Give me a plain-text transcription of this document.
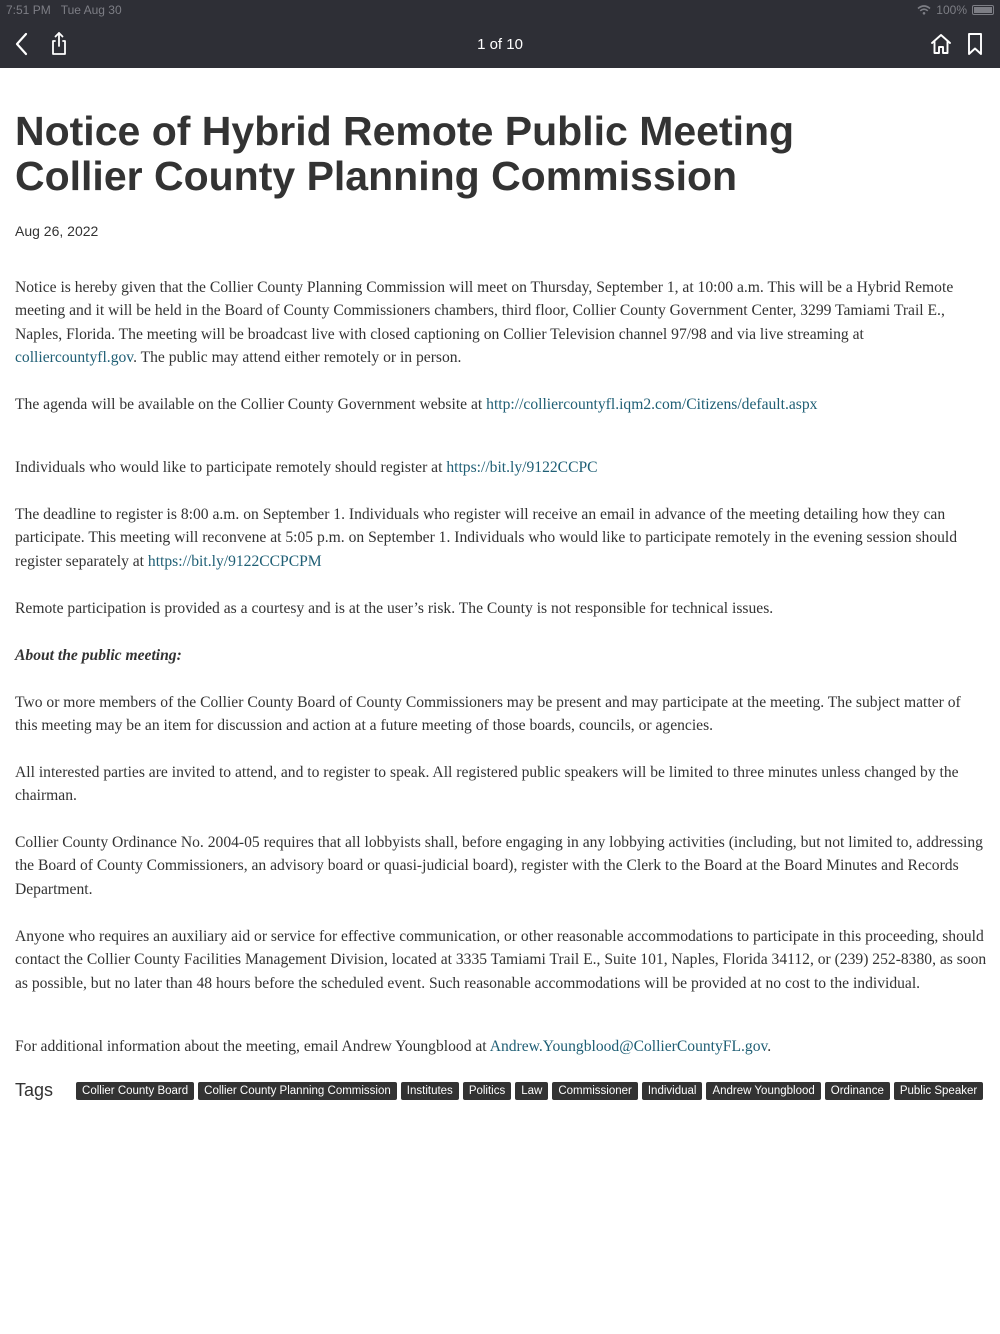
7:51 PM Tue Aug 30	100%
1 of 10
Notice of Hybrid Remote Public Meeting
Collier County Planning Commission
Aug 26, 2022
Notice is hereby given that the Collier County Planning Commission will meet on Thursday, September 1, at 10:00 a.m. This will be a Hybrid Remote meeting and it will be held in the Board of County Commissioners chambers, third floor, Collier County Government Center, 3299 Tamiami Trail E., Naples, Florida. The meeting will be broadcast live with closed captioning on Collier Television channel 97/98 and via live streaming at colliercountyfl.gov. The public may attend either remotely or in person.
The agenda will be available on the Collier County Government website at http://colliercountyfl.iqm2.com/Citizens/default.aspx
Individuals who would like to participate remotely should register at https://bit.ly/9122CCPC
The deadline to register is 8:00 a.m. on September 1. Individuals who register will receive an email in advance of the meeting detailing how they can participate. This meeting will reconvene at 5:05 p.m. on September 1. Individuals who would like to participate remotely in the evening session should register separately at https://bit.ly/9122CCPCPM
Remote participation is provided as a courtesy and is at the user’s risk. The County is not responsible for technical issues.
About the public meeting:
Two or more members of the Collier County Board of County Commissioners may be present and may participate at the meeting. The subject matter of this meeting may be an item for discussion and action at a future meeting of those boards, councils, or agencies.
All interested parties are invited to attend, and to register to speak. All registered public speakers will be limited to three minutes unless changed by the chairman.
Collier County Ordinance No. 2004-05 requires that all lobbyists shall, before engaging in any lobbying activities (including, but not limited to, addressing the Board of County Commissioners, an advisory board or quasi-judicial board), register with the Clerk to the Board at the Board Minutes and Records Department.
Anyone who requires an auxiliary aid or service for effective communication, or other reasonable accommodations to participate in this proceeding, should contact the Collier County Facilities Management Division, located at 3335 Tamiami Trail E., Suite 101, Naples, Florida 34112, or (239) 252-8380, as soon as possible, but no later than 48 hours before the scheduled event. Such reasonable accommodations will be provided at no cost to the individual.
For additional information about the meeting, email Andrew Youngblood at Andrew.Youngblood@CollierCountyFL.gov.
Tags	Collier County Board	Collier County Planning Commission	Institutes	Politics	Law	Commissioner	Individual	Andrew Youngblood	Ordinance	Public Speaker
